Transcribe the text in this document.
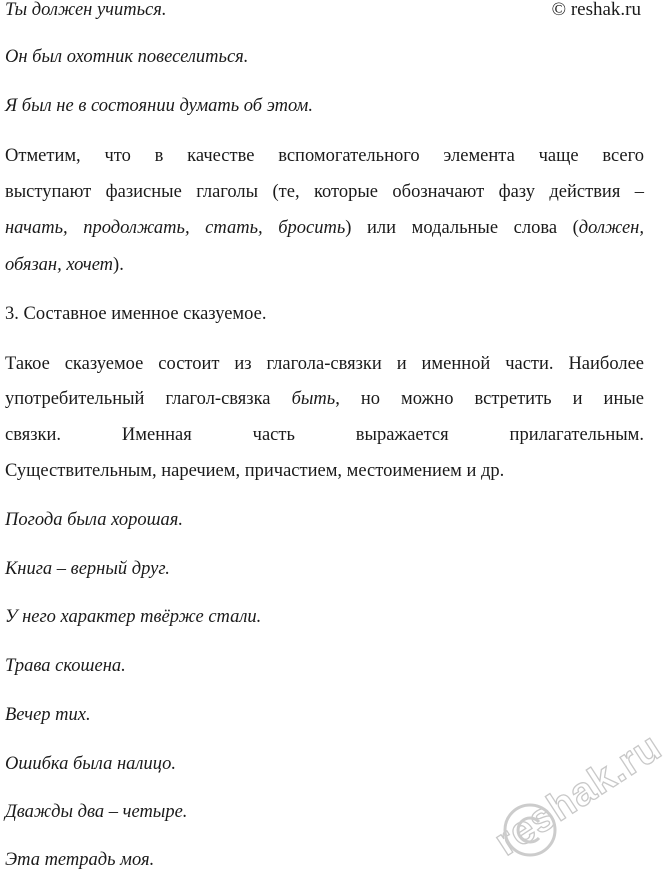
Ты должен учиться.	© reshak.ru
Он был охотник повеселиться.
Я был не в состоянии думать об этом.
Отметим, что в качестве вспомогательного элемента чаще всего
выступают фазисные глаголы (те, которые обозначают фазу действия –
начать, продолжать, стать, бросить) или модальные слова (должен,
обязан, хочет).
3. Составное именное сказуемое.
Такое сказуемое состоит из глагола-связки и именной части. Наиболее
употребительный глагол-связка быть, но можно встретить и иные
связки. Именная часть выражается прилагательным.
Существительным, наречием, причастием, местоимением и др.
Погода была хорошая.
Книга – верный друг.
У него характер твёрже стали.
Трава скошена.
Вечер тих.
Ошибка была налицо.
Дважды два – четыре.
Эта тетрадь моя.	reshak.ru
